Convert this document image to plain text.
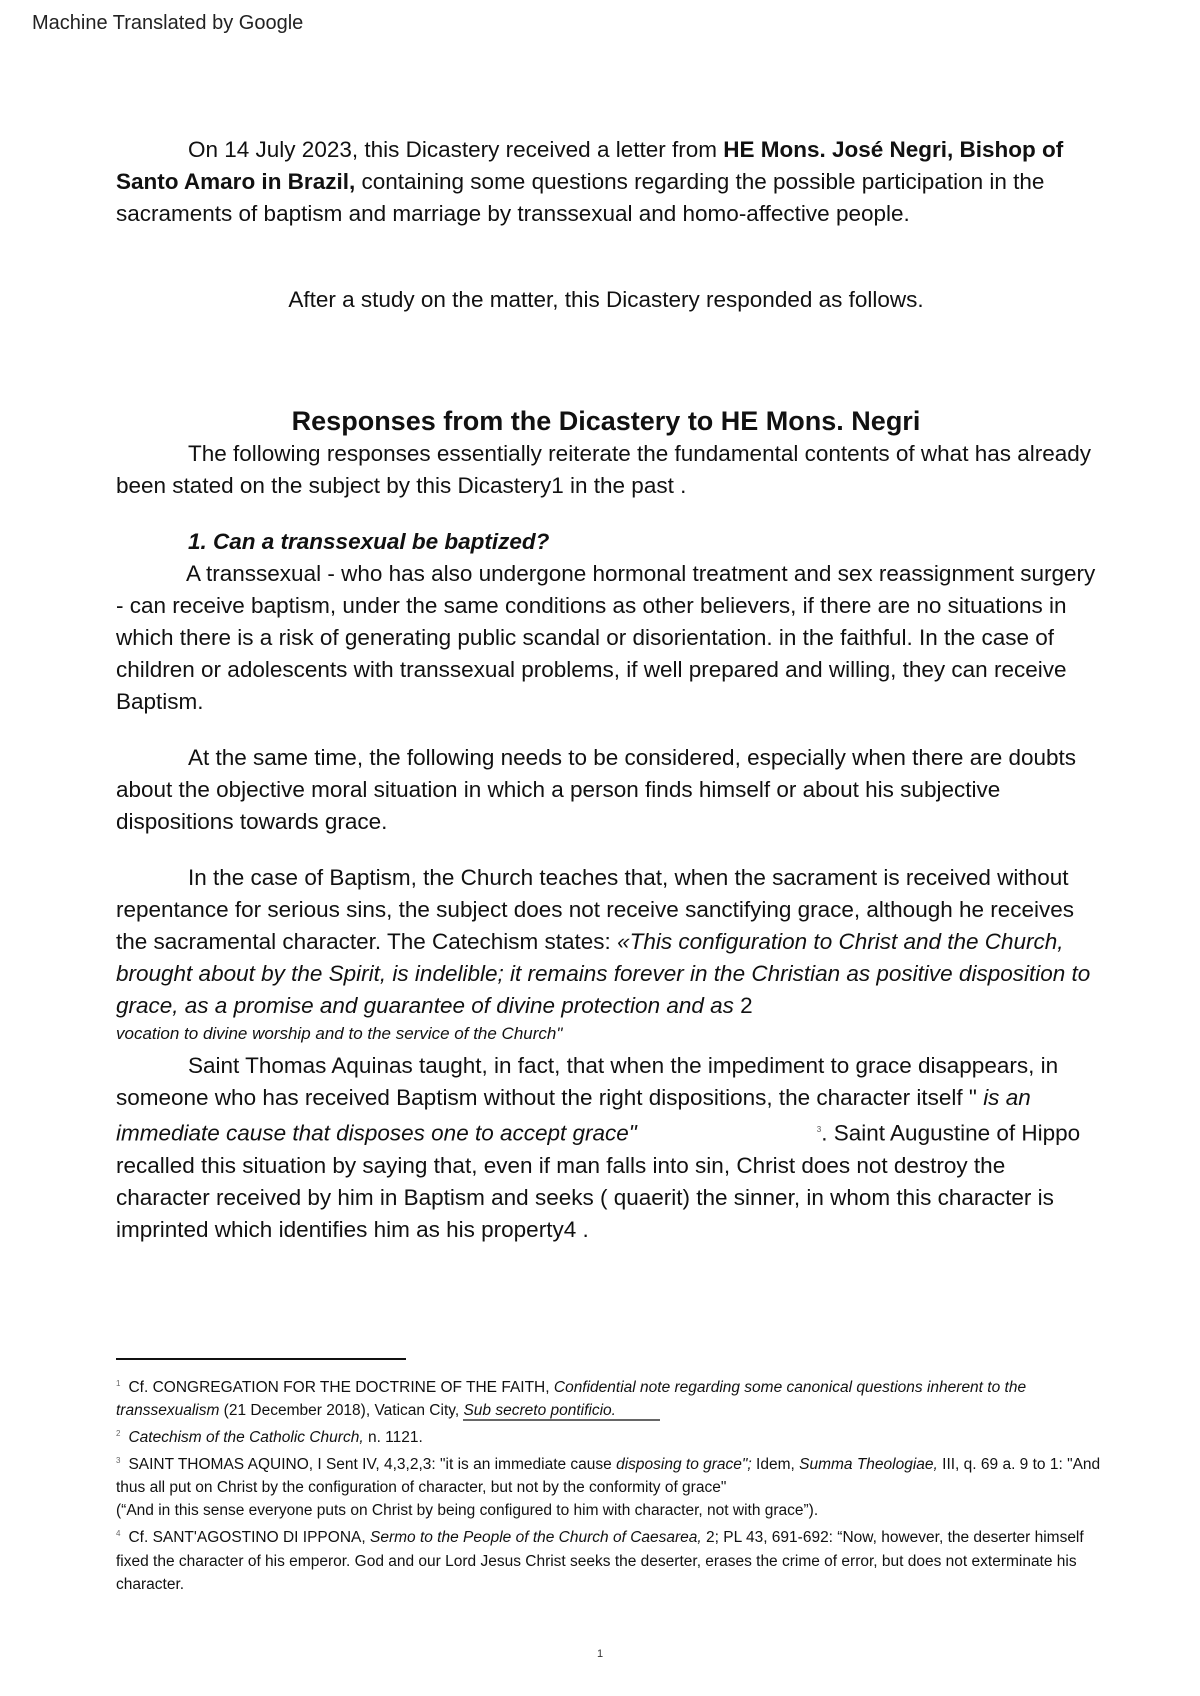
Machine Translated by Google

On 14 July 2023, this Dicastery received a letter from HE Mons. José Negri, Bishop of Santo Amaro in Brazil, containing some questions regarding the possible participation in the sacraments of baptism and marriage by transsexual and homo-affective people.

After a study on the matter, this Dicastery responded as follows.

Responses from the Dicastery to HE Mons. Negri

The following responses essentially reiterate the fundamental contents of what has already been stated on the subject by this Dicastery1 in the past .

1. Can a transsexual be baptized?

A transsexual - who has also undergone hormonal treatment and sex reassignment surgery - can receive baptism, under the same conditions as other believers, if there are no situations in which there is a risk of generating public scandal or disorientation. in the faithful. In the case of children or adolescents with transsexual problems, if well prepared and willing, they can receive Baptism.

At the same time, the following needs to be considered, especially when there are doubts about the objective moral situation in which a person finds himself or about his subjective dispositions towards grace.

In the case of Baptism, the Church teaches that, when the sacrament is received without repentance for serious sins, the subject does not receive sanctifying grace, although he receives the sacramental character. The Catechism states: «This configuration to Christ and the Church, brought about by the Spirit, is indelible; it remains forever in the Christian as positive disposition to grace, as a promise and guarantee of divine protection and as 2

vocation to divine worship and to the service of the Church"

Saint Thomas Aquinas taught, in fact, that when the impediment to grace disappears, in someone who has received Baptism without the right dispositions, the character itself " is an immediate cause that disposes one to accept grace"	$^3$. Saint Augustine of Hippo recalled this situation by saying that, even if man falls into sin, Christ does not destroy the character received by him in Baptism and seeks ( quaerit) the sinner, in whom this character is imprinted which identifies him as his property4 .

$^1$ Cf. CONGREGATION FOR THE DOCTRINE OF THE FAITH, Confidential note regarding some canonical questions inherent to the transsexualism (21 December 2018), Vatican City, Sub secreto pontificio.

$^2$ Catechism of the Catholic Church, n. 1121.

$^3$ SAINT THOMAS AQUINO, I Sent IV, 4,3,2,3: "it is an immediate cause disposing to grace"; Idem, Summa Theologiae, III, q. 69 a. 9 to 1: "And thus all put on Christ by the configuration of character, but not by the conformity of grace"

(“And in this sense everyone puts on Christ by being configured to him with character, not with grace”).

$^4$ Cf. SANT'AGOSTINO DI IPPONA, Sermo to the People of the Church of Caesarea, 2; PL 43, 691-692: “Now, however, the deserter himself fixed the character of his emperor. God and our Lord Jesus Christ seeks the deserter, erases the crime of error, but does not exterminate his character.

1
